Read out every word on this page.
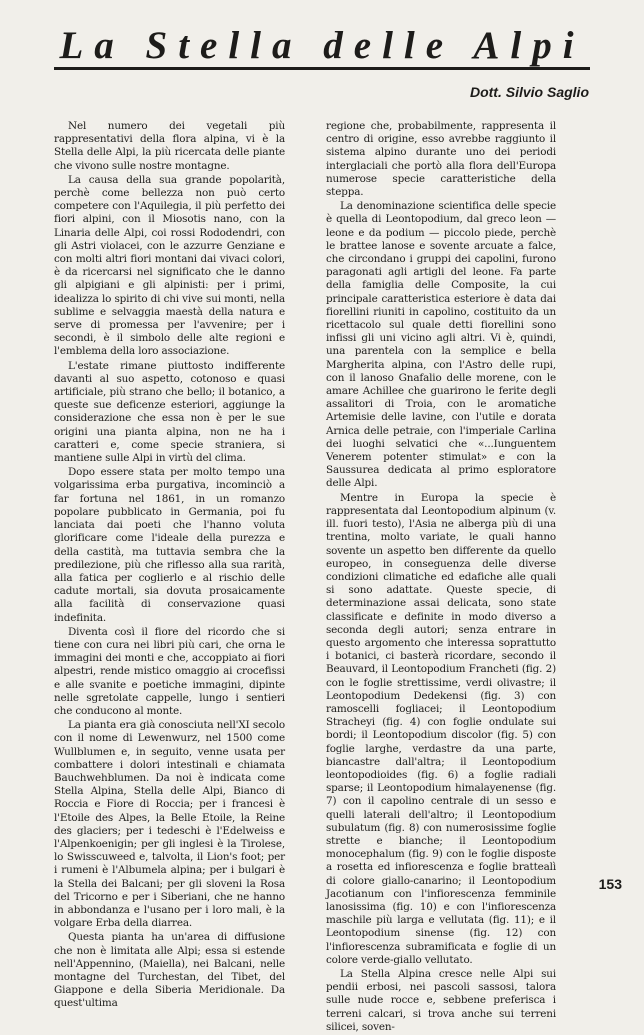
La Stella delle Alpi
Dott. Silvio Saglio

Nel numero dei vegetali più rappresentativi della flora alpina, vi è la Stella delle Alpi, la più ricercata delle piante che vivono sulle nostre montagne.

La causa della sua grande popolarità, perchè come bellezza non può certo competere con l'Aquilegia, il più perfetto dei fiori alpini, con il Miosotis nano, con la Linaria delle Alpi, coi rossi Rododendri, con gli Astri violacei, con le azzurre Genziane e con molti altri fiori montani dai vivaci colori, è da ricercarsi nel significato che le danno gli alpigiani e gli alpinisti: per i primi, idealizza lo spirito di chi vive sui monti, nella sublime e selvaggia maestà della natura e serve di promessa per l'avvenire; per i secondi, è il simbolo delle alte regioni e l'emblema della loro associazione.

L'estate rimane piuttosto indifferente davanti al suo aspetto, cotonoso e quasi artificiale, più strano che bello; il botanico, a queste sue deficenze esteriori, aggiunge la considerazione che essa non è per le sue origini una pianta alpina, non ne ha i caratteri e, come specie straniera, si mantiene sulle Alpi in virtù del clima.

Dopo essere stata per molto tempo una volgarissima erba purgativa, incominciò a far fortuna nel 1861, in un romanzo popolare pubblicato in Germania, poi fu lanciata dai poeti che l'hanno voluta glorificare come l'ideale della purezza e della castità, ma tuttavia sembra che la predilezione, più che riflesso alla sua rarità, alla fatica per coglierlo e al rischio delle cadute mortali, sia dovuta prosaicamente alla facilità di conservazione quasi indefinita.

Diventa così il fiore del ricordo che si tiene con cura nei libri più cari, che orna le immagini dei monti e che, accoppiato ai fiori alpestri, rende mistico omaggio ai crocefissi e alle svanite e poetiche immagini, dipinte nelle sgretolate cappelle, lungo i sentieri che conducono al monte.

La pianta era già conosciuta nell'XI secolo con il nome di Lewenwurz, nel 1500 come Wullblumen e, in seguito, venne usata per combattere i dolori intestinali e chiamata Bauchwehblumen. Da noi è indicata come Stella Alpina, Stella delle Alpi, Bianco di Roccia e Fiore di Roccia; per i francesi è l'Etoile des Alpes, la Belle Etoile, la Reine des glaciers; per i tedeschi è l'Edelweiss e l'Alpenkoenigin; per gli inglesi è la Tirolese, lo Swisscuweed e, talvolta, il Lion's foot; per i rumeni è l'Albumela alpina; per i bulgari è la Stella dei Balcani; per gli sloveni la Rosa del Tricorno e per i Siberiani, che ne hanno in abbondanza e l'usano per i loro mali, è la volgare Erba della diarrea.

Questa pianta ha un'area di diffusione che non è limitata alle Alpi; essa si estende nell'Appennino, (Maiella), nei Balcani, nelle montagne del Turchestan, del Tibet, del Giappone e della Siberia Meridionale. Da quest'ultima

regione che, probabilmente, rappresenta il centro di origine, esso avrebbe raggiunto il sistema alpino durante uno dei periodi interglaciali che portò alla flora dell'Europa numerose specie caratteristiche della steppa.

La denominazione scientifica delle specie è quella di Leontopodium, dal greco leon — leone e da podium — piccolo piede, perchè le brattee lanose e sovente arcuate a falce, che circondano i gruppi dei capolini, furono paragonati agli artigli del leone. Fa parte della famiglia delle Composite, la cui principale caratteristica esteriore è data dai fiorellini riuniti in capolino, costituito da un ricettacolo sul quale detti fiorellini sono infissi gli uni vicino agli altri. Vi è, quindi, una parentela con la semplice e bella Margherita alpina, con l'Astro delle rupi, con il lanoso Gnafalio delle morene, con le amare Achillee che guarirono le ferite degli assalitori di Troia, con le aromatiche Artemisie delle lavine, con l'utile e dorata Arnica delle petraie, con l'imperiale Carlina dei luoghi selvatici che «...Iunguentem Venerem potenter stimulat» e con la Saussurea dedicata al primo esploratore delle Alpi.

Mentre in Europa la specie è rappresentata dal Leontopodium alpinum (v. ill. fuori testo), l'Asia ne alberga più di una trentina, molto variate, le quali hanno sovente un aspetto ben differente da quello europeo, in conseguenza delle diverse condizioni climatiche ed edafiche alle quali si sono adattate. Queste specie, di determinazione assai delicata, sono state classificate e definite in modo diverso a seconda degli autori; senza entrare in questo argomento che interessa soprattutto i botanici, ci basterà ricordare, secondo il Beauvard, il Leontopodium Francheti (fig. 2) con le foglie strettissime, verdi olivastre; il Leontopodium Dedekensi (fig. 3) con ramoscelli fogliacei; il Leontopodium Stracheyi (fig. 4) con foglie ondulate sui bordi; il Leontopodium discolor (fig. 5) con foglie larghe, verdastre da una parte, biancastre dall'altra; il Leontopodium leontopodioides (fig. 6) a foglie radiali sparse; il Leontopodium himalayenense (fig. 7) con il capolino centrale di un sesso e quelli laterali dell'altro; il Leontopodium subulatum (fig. 8) con numerosissime foglie strette e bianche; il Leontopodium monocephalum (fig. 9) con le foglie disposte a rosetta ed infiorescenza e foglie brattealì di colore giallo-canarino; il Leontopodium Jacotianum con l'infiorescenza femminile lanosissima (fig. 10) e con l'infiorescenza maschile più larga e vellutata (fig. 11); e il Leontopodium sinense (fig. 12) con l'infiorescenza subramificata e foglie di un colore verde-giallo vellutato.

La Stella Alpina cresce nelle Alpi sui pendii erbosi, nei pascoli sassosi, talora sulle nude rocce e, sebbene preferisca i terreni calcari, si trova anche sui terreni silicei, soven-

153
